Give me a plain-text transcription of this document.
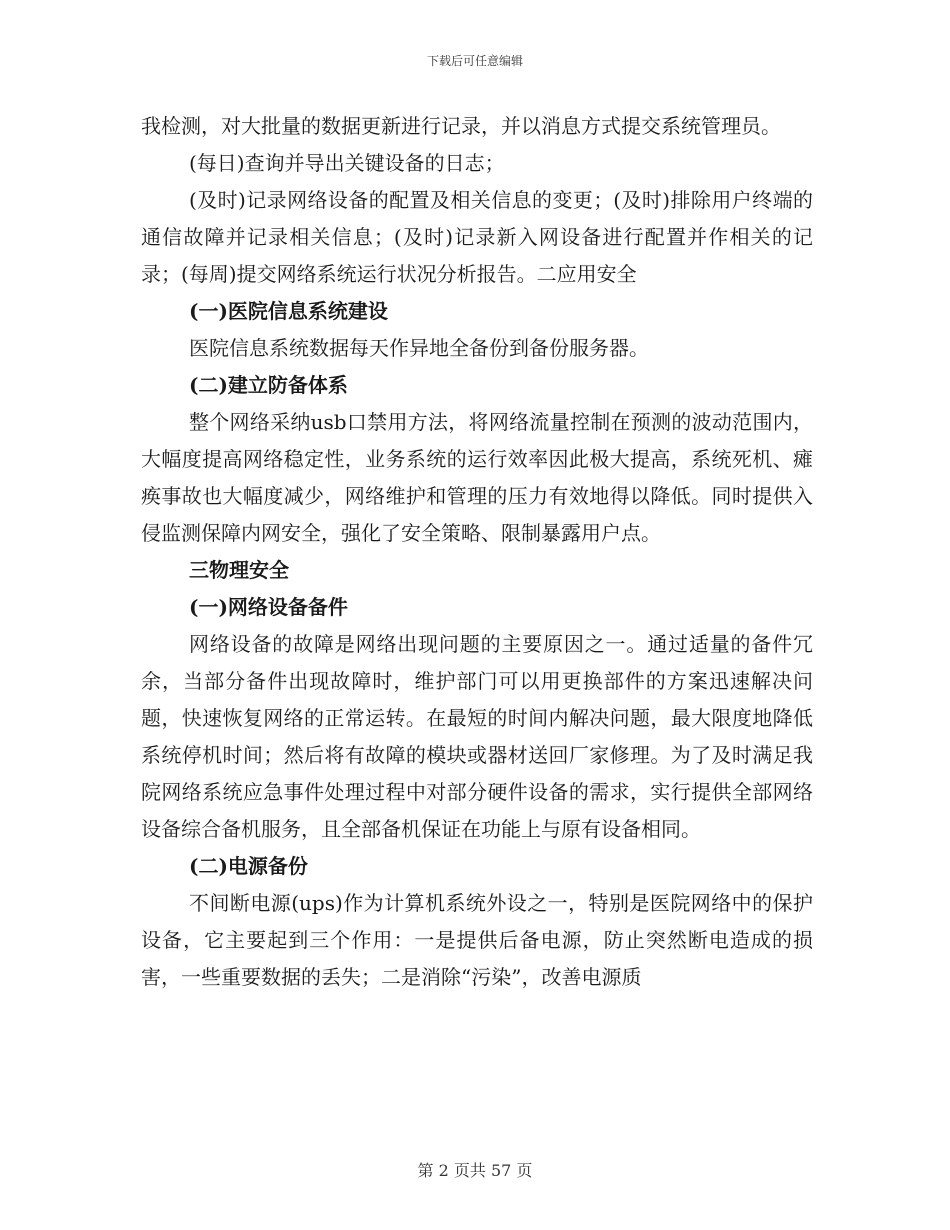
下载后可任意编辑

我检测，对大批量的数据更新进行记录，并以消息方式提交系统管理员。

(每日)查询并导出关键设备的日志；

(及时)记录网络设备的配置及相关信息的变更；(及时)排除用户终端的通信故障并记录相关信息；(及时)记录新入网设备进行配置并作相关的记录；(每周)提交网络系统运行状况分析报告。二应用安全

(一)医院信息系统建设

医院信息系统数据每天作异地全备份到备份服务器。

(二)建立防备体系

整个网络采纳usb口禁用方法，将网络流量控制在预测的波动范围内，大幅度提高网络稳定性，业务系统的运行效率因此极大提高，系统死机、瘫痪事故也大幅度减少，网络维护和管理的压力有效地得以降低。同时提供入侵监测保障内网安全，强化了安全策略、限制暴露用户点。

三物理安全

(一)网络设备备件

网络设备的故障是网络出现问题的主要原因之一。通过适量的备件冗余，当部分备件出现故障时，维护部门可以用更换部件的方案迅速解决问题，快速恢复网络的正常运转。在最短的时间内解决问题，最大限度地降低系统停机时间；然后将有故障的模块或器材送回厂家修理。为了及时满足我院网络系统应急事件处理过程中对部分硬件设备的需求，实行提供全部网络设备综合备机服务，且全部备机保证在功能上与原有设备相同。

(二)电源备份

不间断电源(ups)作为计算机系统外设之一，特别是医院网络中的保护设备，它主要起到三个作用：一是提供后备电源，防止突然断电造成的损害，一些重要数据的丢失；二是消除“污染”，改善电源质

第 2 页共 57 页
